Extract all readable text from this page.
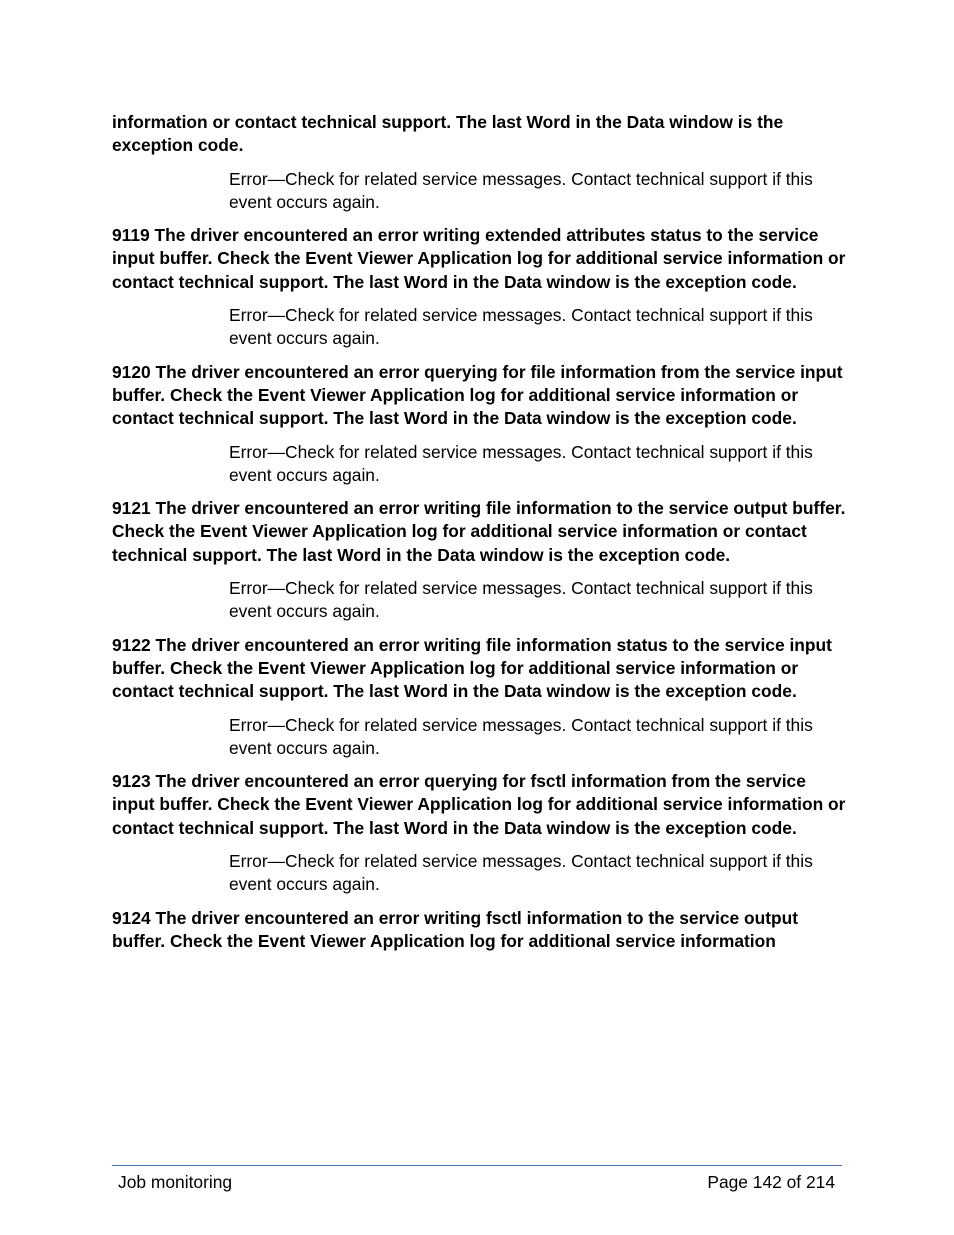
information or contact technical support. The last Word in the Data window is the exception code.
Error—Check for related service messages. Contact technical support if this event occurs again.
9119 The driver encountered an error writing extended attributes status to the service input buffer. Check the Event Viewer Application log for additional service information or contact technical support. The last Word in the Data window is the exception code.
Error—Check for related service messages. Contact technical support if this event occurs again.
9120 The driver encountered an error querying for file information from the service input buffer. Check the Event Viewer Application log for additional service information or contact technical support. The last Word in the Data window is the exception code.
Error—Check for related service messages. Contact technical support if this event occurs again.
9121 The driver encountered an error writing file information to the service output buffer. Check the Event Viewer Application log for additional service information or contact technical support. The last Word in the Data window is the exception code.
Error—Check for related service messages. Contact technical support if this event occurs again.
9122 The driver encountered an error writing file information status to the service input buffer. Check the Event Viewer Application log for additional service information or contact technical support. The last Word in the Data window is the exception code.
Error—Check for related service messages. Contact technical support if this event occurs again.
9123 The driver encountered an error querying for fsctl information from the service input buffer. Check the Event Viewer Application log for additional service information or contact technical support. The last Word in the Data window is the exception code.
Error—Check for related service messages. Contact technical support if this event occurs again.
9124 The driver encountered an error writing fsctl information to the service output buffer. Check the Event Viewer Application log for additional service information
Job monitoring	Page 142 of 214
